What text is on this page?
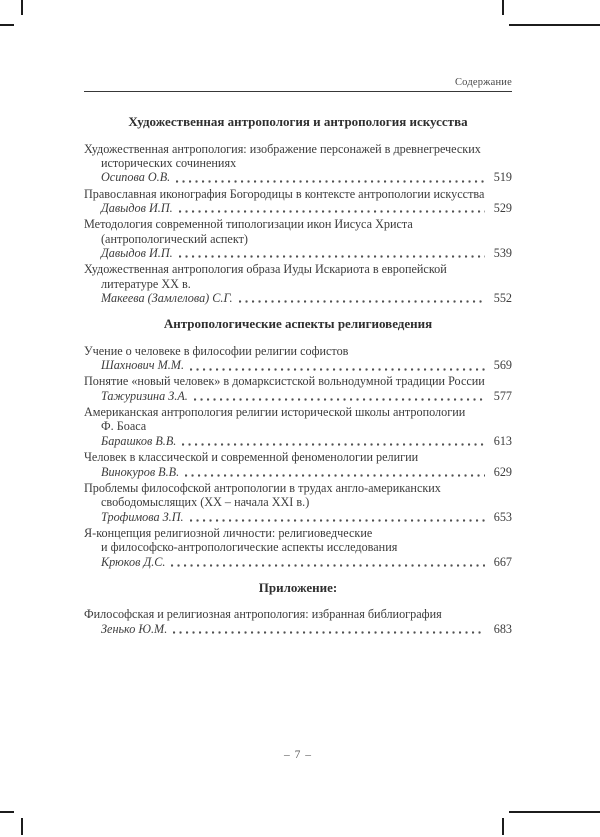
Содержание
Художественная антропология и антропология искусства
Художественная антропология: изображение персонажей в древнегреческих
исторических сочинениях
Осипова О.В.	519
Православная иконография Богородицы в контексте антропологии искусства
Давыдов И.П.	529
Методология современной типологизации икон Иисуса Христа
(антропологический аспект)
Давыдов И.П.	539
Художественная антропология образа Иуды Искариота в европейской
литературе XX в.
Макеева (Замлелова) С.Г.	552
Антропологические аспекты религиоведения
Учение о человеке в философии религии софистов
Шахнович М.М.	569
Понятие «новый человек» в домарксистской вольнодумной традиции России
Тажуризина З.А.	577
Американская антропология религии исторической школы антропологии
Ф. Боаса
Барашков В.В.	613
Человек в классической и современной феноменологии религии
Винокуров В.В.	629
Проблемы философской антропологии в трудах англо-американских
свободомыслящих (XX – начала XXI в.)
Трофимова З.П.	653
Я-концепция религиозной личности: религиоведческие
и философско-антропологические аспекты исследования
Крюков Д.С.	667
Приложение:
Философская и религиозная антропология: избранная библиография
Зенько Ю.М.	683
– 7 –
